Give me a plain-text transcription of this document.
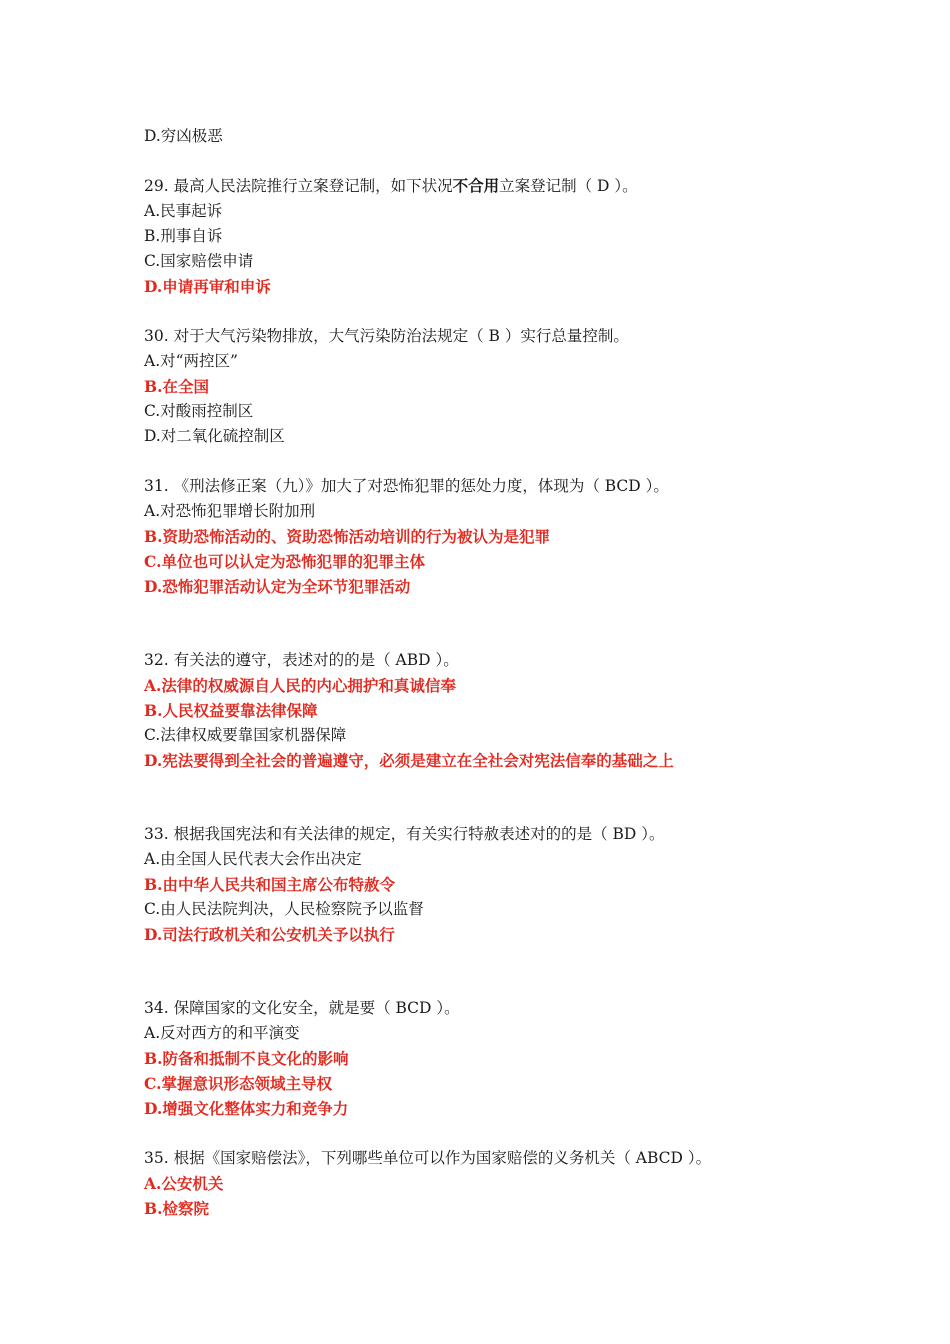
D.穷凶极恶
29. 最高人民法院推行立案登记制，如下状况不合用立案登记制（ D ）。
A.民事起诉
B.刑事自诉
C.国家赔偿申请
D.申请再审和申诉
30. 对于大气污染物排放，大气污染防治法规定（ B ）实行总量控制。
A.对“两控区”
B.在全国
C.对酸雨控制区
D.对二氧化硫控制区
31. 《刑法修正案（九）》加大了对恐怖犯罪的惩处力度，体现为（ BCD ）。
A.对恐怖犯罪增长附加刑
B.资助恐怖活动的、资助恐怖活动培训的行为被认为是犯罪
C.单位也可以认定为恐怖犯罪的犯罪主体
D.恐怖犯罪活动认定为全环节犯罪活动
32. 有关法的遵守，表述对的的是（ ABD ）。
A.法律的权威源自人民的内心拥护和真诚信奉
B.人民权益要靠法律保障
C.法律权威要靠国家机器保障
D.宪法要得到全社会的普遍遵守，必须是建立在全社会对宪法信奉的基础之上
33. 根据我国宪法和有关法律的规定，有关实行特赦表述对的的是（ BD ）。
A.由全国人民代表大会作出决定
B.由中华人民共和国主席公布特赦令
C.由人民法院判决，人民检察院予以监督
D.司法行政机关和公安机关予以执行
34. 保障国家的文化安全，就是要（ BCD ）。
A.反对西方的和平演变
B.防备和抵制不良文化的影响
C.掌握意识形态领域主导权
D.增强文化整体实力和竞争力
35. 根据《国家赔偿法》，下列哪些单位可以作为国家赔偿的义务机关（ ABCD ）。
A.公安机关
B.检察院
